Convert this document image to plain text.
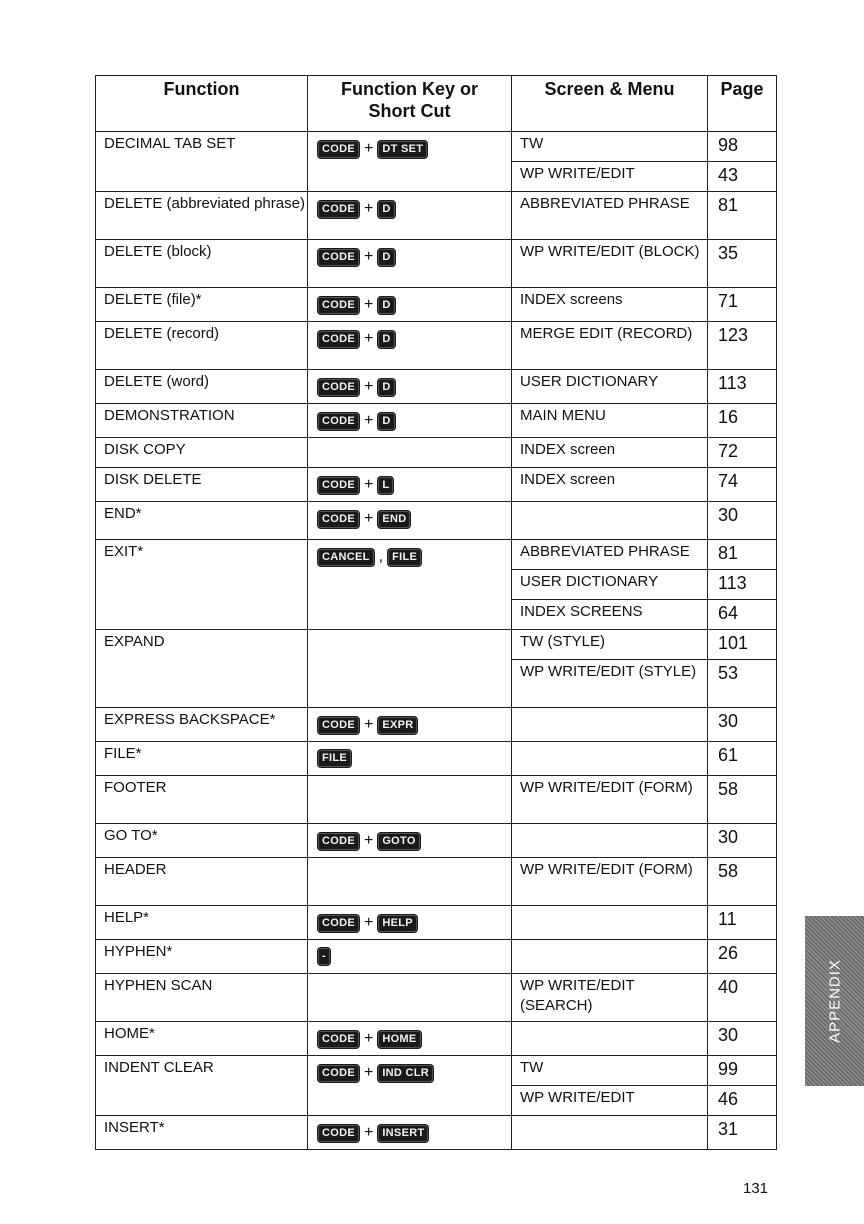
Function	Function Key or Short Cut	Screen & Menu	Page
DECIMAL TAB SET	CODE + DT SET	TW	98
		WP WRITE/EDIT	43
DELETE (abbreviated phrase)	CODE + D	ABBREVIATED PHRASE	81
DELETE (block)	CODE + D	WP WRITE/EDIT (BLOCK)	35
DELETE (file)*	CODE + D	INDEX screens	71
DELETE (record)	CODE + D	MERGE EDIT (RECORD)	123
DELETE (word)	CODE + D	USER DICTIONARY	113
DEMONSTRATION	CODE + D	MAIN MENU	16
DISK COPY		INDEX screen	72
DISK DELETE	CODE + L	INDEX screen	74
END*	CODE + END		30
EXIT*	CANCEL , FILE	ABBREVIATED PHRASE	81
		USER DICTIONARY	113
		INDEX SCREENS	64
EXPAND		TW (STYLE)	101
		WP WRITE/EDIT (STYLE)	53
EXPRESS BACKSPACE*	CODE + EXPR		30
FILE*	FILE		61
FOOTER		WP WRITE/EDIT (FORM)	58
GO TO*	CODE + GOTO		30
HEADER		WP WRITE/EDIT (FORM)	58
HELP*	CODE + HELP		11
HYPHEN*	-		26
HYPHEN SCAN		WP WRITE/EDIT (SEARCH)	40
HOME*	CODE + HOME		30
INDENT CLEAR	CODE + IND CLR	TW	99
		WP WRITE/EDIT	46
INSERT*	CODE + INSERT		31
131
APPENDIX
